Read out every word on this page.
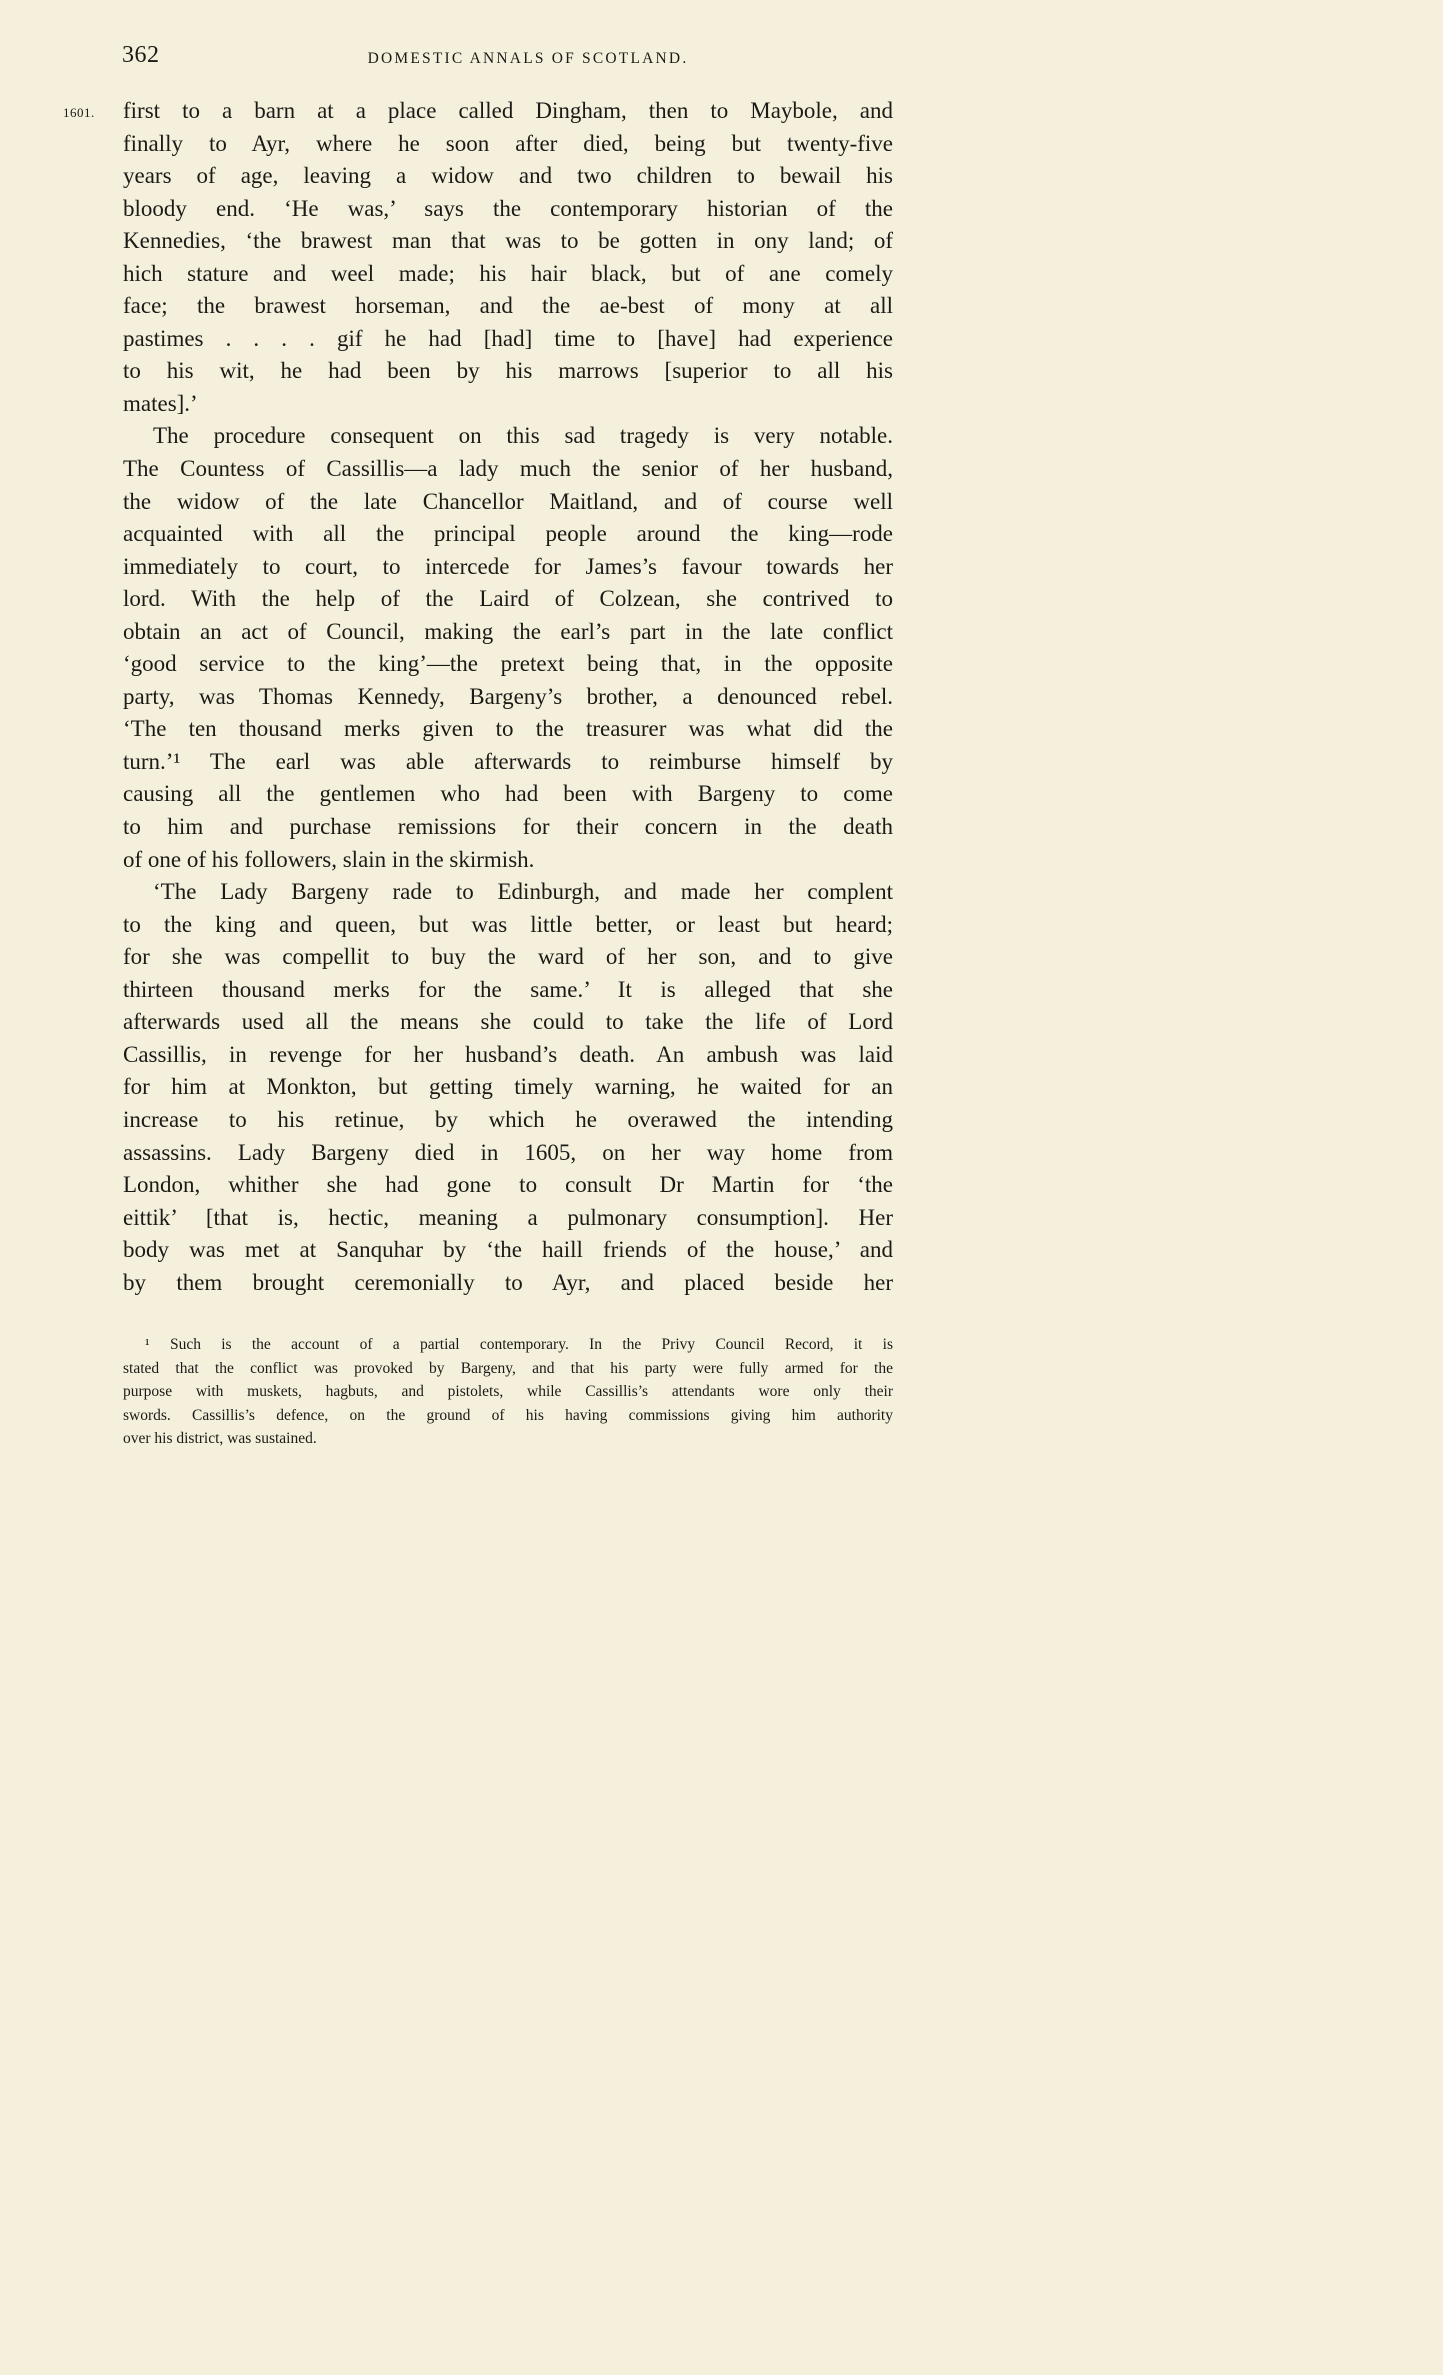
362	DOMESTIC ANNALS OF SCOTLAND.
1601. first to a barn at a place called Dingham, then to Maybole, and
finally to Ayr, where he soon after died, being but twenty-five
years of age, leaving a widow and two children to bewail his
bloody end. ‘He was,’ says the contemporary historian of the
Kennedies, ‘the brawest man that was to be gotten in ony land; of
hich stature and weel made; his hair black, but of ane comely
face; the brawest horseman, and the ae-best of mony at all
pastimes . . . . gif he had [had] time to [have] had experience
to his wit, he had been by his marrows [superior to all his
mates].’
The procedure consequent on this sad tragedy is very notable.
The Countess of Cassillis—a lady much the senior of her husband,
the widow of the late Chancellor Maitland, and of course well
acquainted with all the principal people around the king—rode
immediately to court, to intercede for James’s favour towards her
lord. With the help of the Laird of Colzean, she contrived to
obtain an act of Council, making the earl’s part in the late conflict
‘good service to the king’—the pretext being that, in the opposite
party, was Thomas Kennedy, Bargeny’s brother, a denounced rebel.
‘The ten thousand merks given to the treasurer was what did the
turn.’¹ The earl was able afterwards to reimburse himself by
causing all the gentlemen who had been with Bargeny to come
to him and purchase remissions for their concern in the death
of one of his followers, slain in the skirmish.
‘The Lady Bargeny rade to Edinburgh, and made her complent
to the king and queen, but was little better, or least but heard;
for she was compellit to buy the ward of her son, and to give
thirteen thousand merks for the same.’ It is alleged that she
afterwards used all the means she could to take the life of Lord
Cassillis, in revenge for her husband’s death. An ambush was laid
for him at Monkton, but getting timely warning, he waited for an
increase to his retinue, by which he overawed the intending
assassins. Lady Bargeny died in 1605, on her way home from
London, whither she had gone to consult Dr Martin for ‘the
eittik’ [that is, hectic, meaning a pulmonary consumption]. Her
body was met at Sanquhar by ‘the haill friends of the house,’ and
by them brought ceremonially to Ayr, and placed beside her
¹ Such is the account of a partial contemporary. In the Privy Council Record, it is
stated that the conflict was provoked by Bargeny, and that his party were fully armed for the
purpose with muskets, hagbuts, and pistolets, while Cassillis’s attendants wore only their
swords. Cassillis’s defence, on the ground of his having commissions giving him authority
over his district, was sustained.
